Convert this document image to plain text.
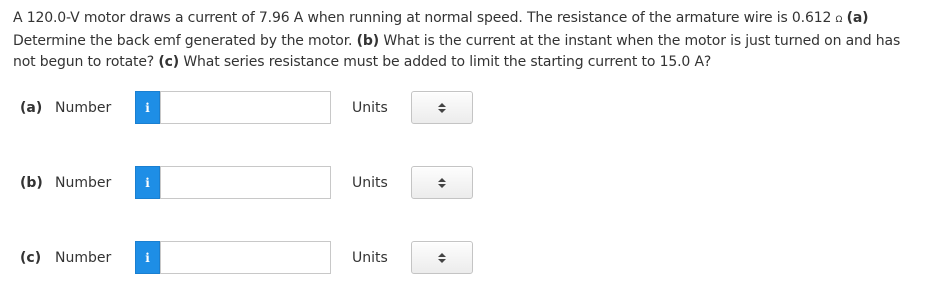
A 120.0-V motor draws a current of 7.96 A when running at normal speed. The resistance of the armature wire is 0.612 Ω (a) Determine the back emf generated by the motor. (b) What is the current at the instant when the motor is just turned on and has not begun to rotate? (c) What series resistance must be added to limit the starting current to 15.0 A?
(a) Number	i	Units
(b) Number	i	Units
(c) Number	i	Units
